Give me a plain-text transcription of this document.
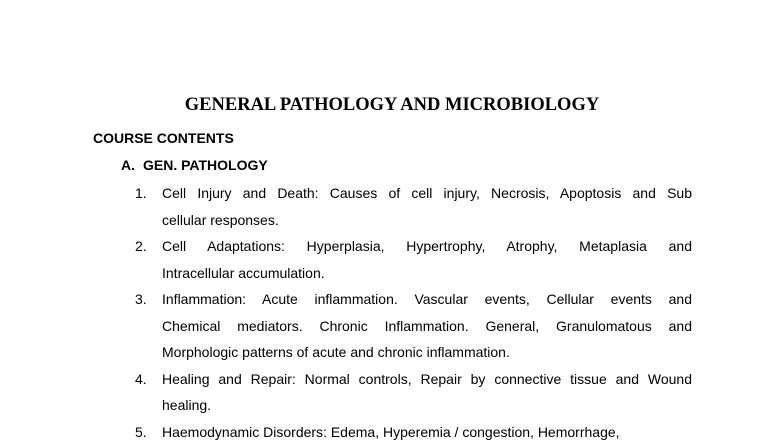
GENERAL PATHOLOGY AND MICROBIOLOGY
COURSE CONTENTS
A. GEN. PATHOLOGY
1. Cell Injury and Death: Causes of cell injury, Necrosis, Apoptosis and Sub
cellular responses.
2. Cell Adaptations: Hyperplasia, Hypertrophy, Atrophy, Metaplasia and
Intracellular accumulation.
3. Inflammation: Acute inflammation. Vascular events, Cellular events and
Chemical mediators. Chronic Inflammation. General, Granulomatous and
Morphologic patterns of acute and chronic inflammation.
4. Healing and Repair: Normal controls, Repair by connective tissue and Wound
healing.
5. Haemodynamic Disorders: Edema, Hyperemia / congestion, Hemorrhage,
